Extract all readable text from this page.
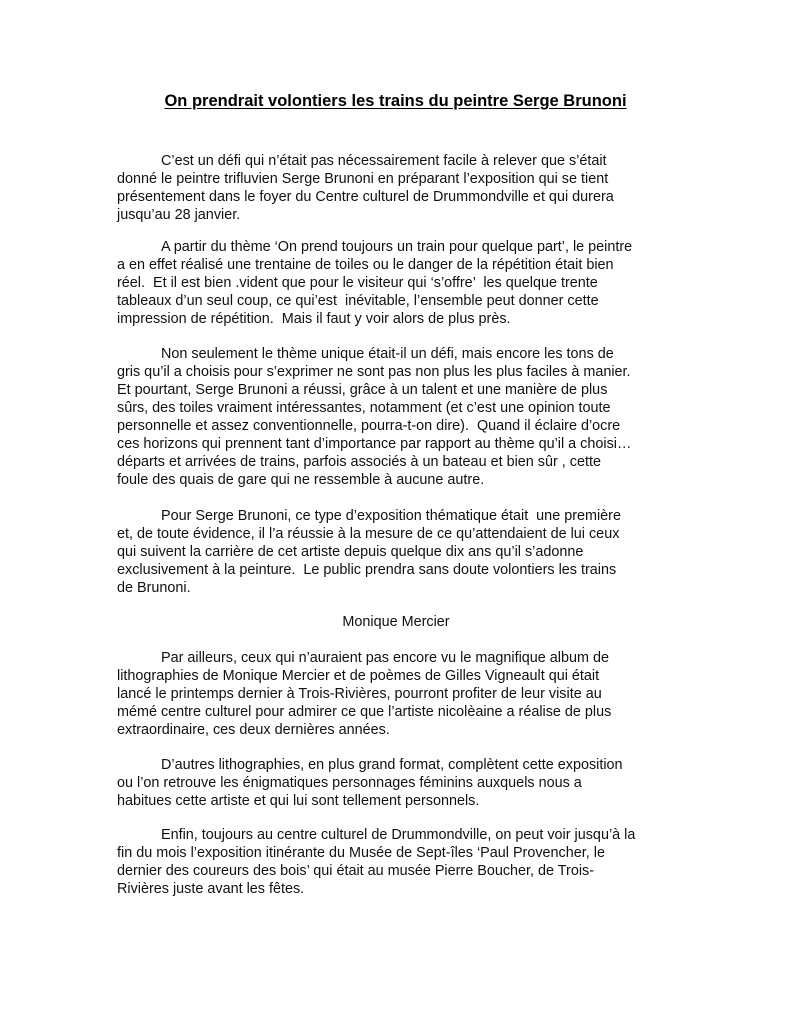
On prendrait volontiers les trains du peintre Serge Brunoni
C’est un défi qui n’était pas nécessairement facile à relever que s’était
donné le peintre trifluvien Serge Brunoni en préparant l’exposition qui se tient
présentement dans le foyer du Centre culturel de Drummondville et qui durera
jusqu’au 28 janvier.
A partir du thème ‘On prend toujours un train pour quelque part’, le peintre
a en effet réalisé une trentaine de toiles ou le danger de la répétition était bien
réel.  Et il est bien .vident que pour le visiteur qui ‘s’offre’  les quelque trente
tableaux d’un seul coup, ce qui’est  inévitable, l’ensemble peut donner cette
impression de répétition.  Mais il faut y voir alors de plus près.
Non seulement le thème unique était-il un défi, mais encore les tons de
gris qu’il a choisis pour s’exprimer ne sont pas non plus les plus faciles à manier.
Et pourtant, Serge Brunoni a réussi, grâce à un talent et une manière de plus
sûrs, des toiles vraiment intéressantes, notamment (et c’est une opinion toute
personnelle et assez conventionnelle, pourra-t-on dire).  Quand il éclaire d’ocre
ces horizons qui prennent tant d’importance par rapport au thème qu’il a choisi…
départs et arrivées de trains, parfois associés à un bateau et bien sûr , cette
foule des quais de gare qui ne ressemble à aucune autre.
Pour Serge Brunoni, ce type d’exposition thématique était  une première
et, de toute évidence, il l’a réussie à la mesure de ce qu’attendaient de lui ceux
qui suivent la carrière de cet artiste depuis quelque dix ans qu’il s’adonne
exclusivement à la peinture.  Le public prendra sans doute volontiers les trains
de Brunoni.
Monique Mercier
Par ailleurs, ceux qui n’auraient pas encore vu le magnifique album de
lithographies de Monique Mercier et de poèmes de Gilles Vigneault qui était
lancé le printemps dernier à Trois-Rivières, pourront profiter de leur visite au
mémé centre culturel pour admirer ce que l’artiste nicolèaine a réalise de plus
extraordinaire, ces deux dernières années.
D’autres lithographies, en plus grand format, complètent cette exposition
ou l’on retrouve les énigmatiques personnages féminins auxquels nous a
habitues cette artiste et qui lui sont tellement personnels.
Enfin, toujours au centre culturel de Drummondville, on peut voir jusqu’à la
fin du mois l’exposition itinérante du Musée de Sept-îles ‘Paul Provencher, le
dernier des coureurs des bois’ qui était au musée Pierre Boucher, de Trois-
Rivières juste avant les fêtes.
